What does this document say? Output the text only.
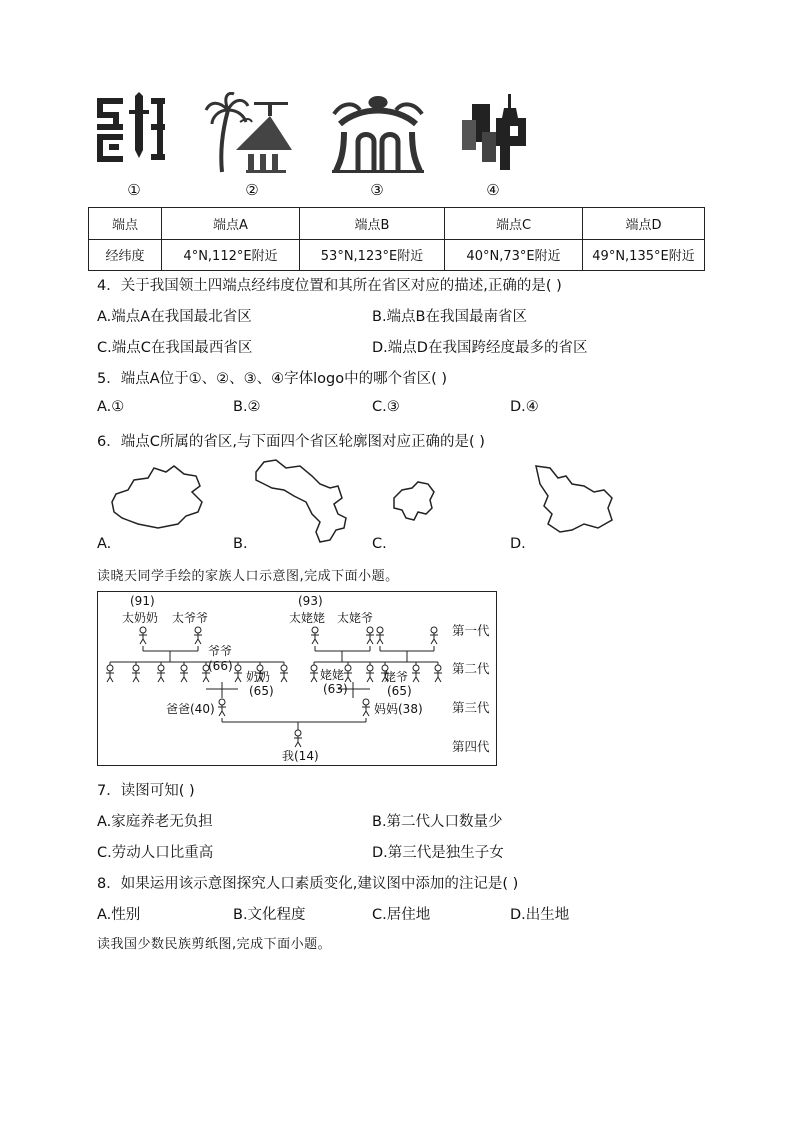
①	②	③	④
端点	端点A	端点B	端点C	端点D
经纬度	4°N,112°E附近	53°N,123°E附近	40°N,73°E附近	49°N,135°E附近
4．关于我国领土四端点经纬度位置和其所在省区对应的描述,正确的是( )
A.端点A在我国最北省区	B.端点B在我国最南省区
C.端点C在我国最西省区	D.端点D在我国跨经度最多的省区
5．端点A位于①、②、③、④字体logo中的哪个省区( )
A.①	B.②	C.③	D.④
6．端点C所属的省区,与下面四个省区轮廓图对应正确的是( )
A.	B.	C.	D.
读晓天同学手绘的家族人口示意图,完成下面小题。
(91)
太奶奶 太爷爷
(93)
太姥姥 太姥爷
爷爷
(66)
奶奶
(65)
姥姥
(63)
姥爷
(65)
爸爸(40)	妈妈(38)
我(14)
第一代
第二代
第三代
第四代
7．读图可知( )
A.家庭养老无负担	B.第二代人口数量少
C.劳动人口比重高	D.第三代是独生子女
8．如果运用该示意图探究人口素质变化,建议图中添加的注记是( )
A.性别	B.文化程度	C.居住地	D.出生地
读我国少数民族剪纸图,完成下面小题。
